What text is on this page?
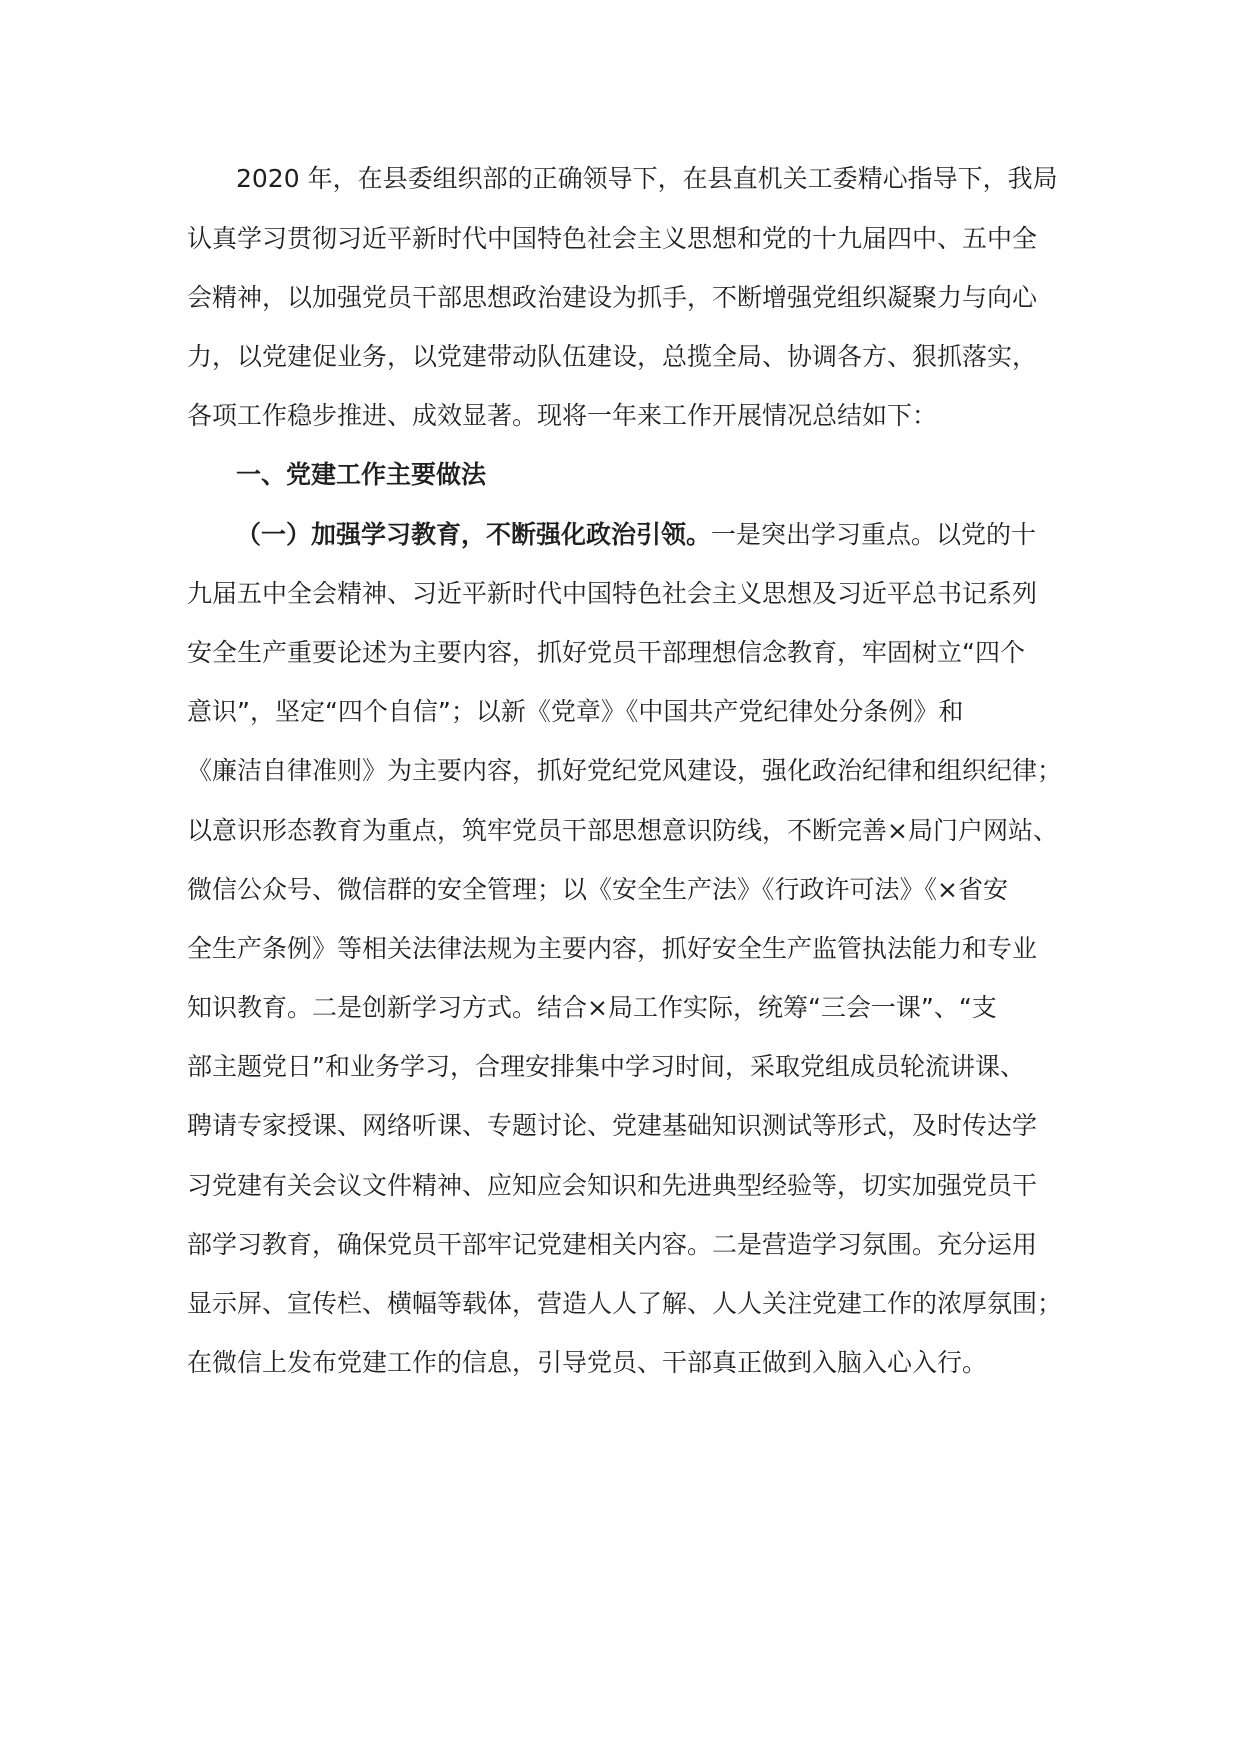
2020 年，在县委组织部的正确领导下，在县直机关工委精心指导下，我局
认真学习贯彻习近平新时代中国特色社会主义思想和党的十九届四中、五中全
会精神，以加强党员干部思想政治建设为抓手，不断增强党组织凝聚力与向心
力，以党建促业务，以党建带动队伍建设，总揽全局、协调各方、狠抓落实，
各项工作稳步推进、成效显著。现将一年来工作开展情况总结如下：
一、党建工作主要做法
（一）加强学习教育，不断强化政治引领。一是突出学习重点。以党的十
九届五中全会精神、习近平新时代中国特色社会主义思想及习近平总书记系列
安全生产重要论述为主要内容，抓好党员干部理想信念教育，牢固树立“四个
意识”，坚定“四个自信”；以新《党章》《中国共产党纪律处分条例》和
《廉洁自律准则》为主要内容，抓好党纪党风建设，强化政治纪律和组织纪律；
以意识形态教育为重点，筑牢党员干部思想意识防线，不断完善×局门户网站、
微信公众号、微信群的安全管理；以《安全生产法》《行政许可法》《×省安
全生产条例》等相关法律法规为主要内容，抓好安全生产监管执法能力和专业
知识教育。二是创新学习方式。结合×局工作实际，统筹“三会一课”、“支
部主题党日”和业务学习，合理安排集中学习时间，采取党组成员轮流讲课、
聘请专家授课、网络听课、专题讨论、党建基础知识测试等形式，及时传达学
习党建有关会议文件精神、应知应会知识和先进典型经验等，切实加强党员干
部学习教育，确保党员干部牢记党建相关内容。二是营造学习氛围。充分运用
显示屏、宣传栏、横幅等载体，营造人人了解、人人关注党建工作的浓厚氛围；
在微信上发布党建工作的信息，引导党员、干部真正做到入脑入心入行。
